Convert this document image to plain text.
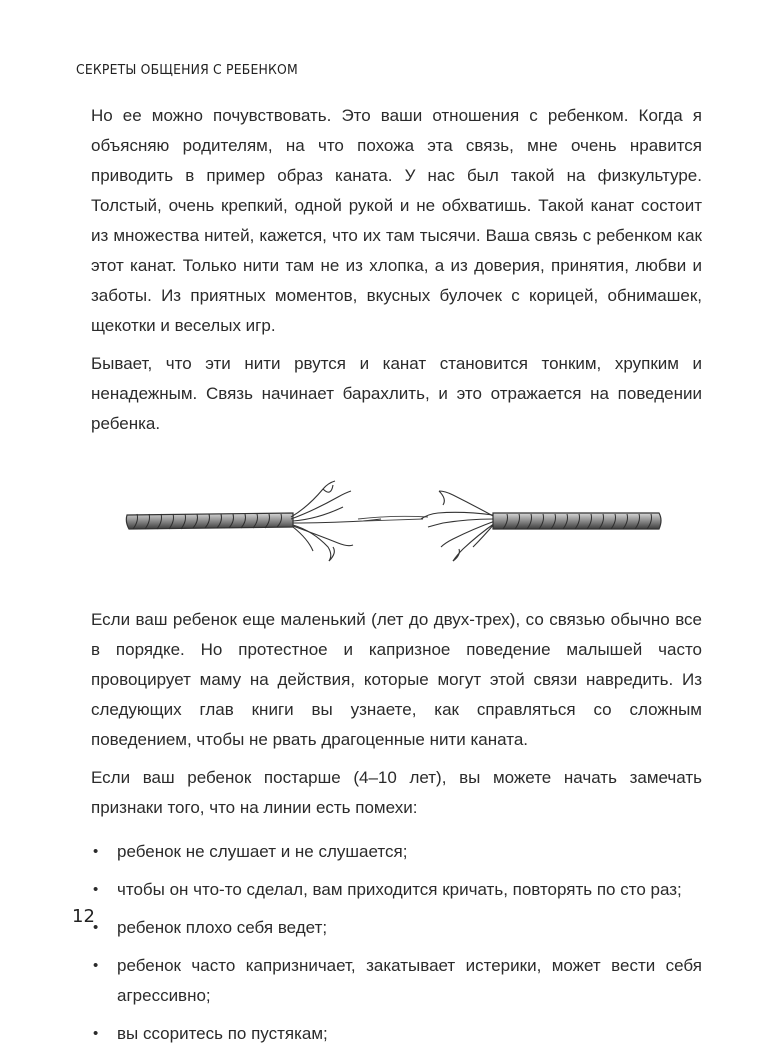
СЕКРЕТЫ ОБЩЕНИЯ С РЕБЕНКОМ

Но ее можно почувствовать. Это ваши отношения с ребенком. Когда я объясняю родителям, на что похожа эта связь, мне очень нравится приводить в пример образ каната. У нас был такой на физкультуре. Толстый, очень крепкий, одной рукой и не обхватишь. Такой канат состоит из множества нитей, кажется, что их там тысячи. Ваша связь с ребенком как этот канат. Только нити там не из хлопка, а из доверия, принятия, любви и заботы. Из приятных моментов, вкусных булочек с корицей, обнимашек, щекотки и веселых игр.

Бывает, что эти нити рвутся и канат становится тонким, хрупким и ненадежным. Связь начинает барахлить, и это отражается на поведении ребенка.

Если ваш ребенок еще маленький (лет до двух-трех), со связью обычно все в порядке. Но протестное и капризное поведение малышей часто провоцирует маму на действия, которые могут этой связи навредить. Из следующих глав книги вы узнаете, как справляться со сложным поведением, чтобы не рвать драгоценные нити каната.

Если ваш ребенок постарше (4–10 лет), вы можете начать замечать признаки того, что на линии есть помехи:

• ребенок не слушает и не слушается;
• чтобы он что-то сделал, вам приходится кричать, повторять по сто раз;
• ребенок плохо себя ведет;
• ребенок часто капризничает, закатывает истерики, может вести себя агрессивно;
• вы ссоритесь по пустякам;
12
